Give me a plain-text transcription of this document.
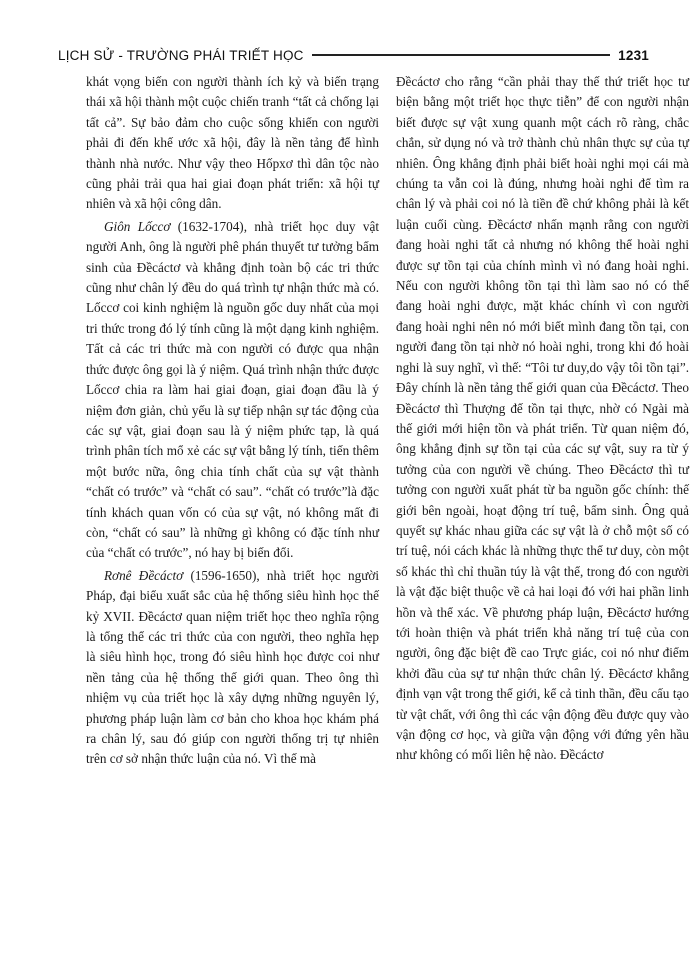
LỊCH SỬ - TRƯỜNG PHÁI TRIẾT HỌC	1231

khát vọng biến con người thành ích kỷ và biến trạng thái xã hội thành một cuộc chiến tranh “tất cả chống lại tất cả”. Sự bảo đảm cho cuộc sống khiến con người phải đi đến khế ước xã hội, đây là nền tảng để hình thành nhà nước. Như vậy theo Hốpxơ thì dân tộc nào cũng phải trải qua hai giai đoạn phát triển: xã hội tự nhiên và xã hội công dân.

Giôn Lốccơ (1632-1704), nhà triết học duy vật người Anh, ông là người phê phán thuyết tư tưởng bẩm sinh của Đềcáctơ và khẳng định toàn bộ các tri thức cũng như chân lý đều do quá trình tự nhận thức mà có. Lốccơ coi kinh nghiệm là nguồn gốc duy nhất của mọi tri thức trong đó lý tính cũng là một dạng kinh nghiệm. Tất cả các tri thức mà con người có được qua nhận thức được ông gọi là ý niệm. Quá trình nhận thức được Lốccơ chia ra làm hai giai đoạn, giai đoạn đầu là ý niệm đơn giản, chủ yếu là sự tiếp nhận sự tác động của các sự vật, giai đoạn sau là ý niệm phức tạp, là quá trình phân tích mổ xẻ các sự vật bằng lý tính, tiến thêm một bước nữa, ông chia tính chất của sự vật thành “chất có trước” và “chất có sau”. “chất có trước”là đặc tính khách quan vốn có của sự vật, nó không mất đi còn, “chất có sau” là những gì không có đặc tính như của “chất có trước”, nó hay bị biến đổi.

Rơnê Đềcáctơ (1596-1650), nhà triết học người Pháp, đại biểu xuất sắc của hệ thống siêu hình học thế kỷ XVII. Đềcáctơ quan niệm triết học theo nghĩa rộng là tổng thể các tri thức của con người, theo nghĩa hẹp là siêu hình học, trong đó siêu hình học được coi như nền tảng của hệ thống thế giới quan. Theo ông thì nhiệm vụ của triết học là xây dựng những nguyên lý, phương pháp luận làm cơ bản cho khoa học khám phá ra chân lý, sau đó giúp con người thống trị tự nhiên trên cơ sở nhận thức luận của nó. Vì thế mà

Đềcáctơ cho rằng “cần phải thay thế thứ triết học tư biện bằng một triết học thực tiễn” để con người nhận biết được sự vật xung quanh một cách rõ ràng, chắc chắn, sử dụng nó và trở thành chủ nhân thực sự của tự nhiên. Ông khẳng định phải biết hoài nghi mọi cái mà chúng ta vẫn coi là đúng, nhưng hoài nghi để tìm ra chân lý và phải coi nó là tiền đề chứ không phải là kết luận cuối cùng. Đềcáctơ nhấn mạnh rằng con người đang hoài nghi tất cả nhưng nó không thể hoài nghi được sự tồn tại của chính mình vì nó đang hoài nghi. Nếu con người không tồn tại thì làm sao nó có thể đang hoài nghi được, mặt khác chính vì con người đang hoài nghi nên nó mới biết mình đang tồn tại, con người đang tồn tại nhờ nó hoài nghi, trong khi đó hoài nghi là suy nghĩ, vì thế: “Tôi tư duy,do vậy tôi tồn tại”. Đây chính là nền tảng thế giới quan của Đềcáctơ. Theo Đềcáctơ thì Thượng đế tồn tại thực, nhờ có Ngài mà thế giới mới hiện tồn và phát triển. Từ quan niệm đó, ông khẳng định sự tồn tại của các sự vật, suy ra từ ý tưởng của con người về chúng. Theo Đềcáctơ thì tư tưởng con người xuất phát từ ba nguồn gốc chính: thế giới bên ngoài, hoạt động trí tuệ, bẩm sinh. Ông quả quyết sự khác nhau giữa các sự vật là ở chỗ một số có trí tuệ, nói cách khác là những thực thể tư duy, còn một số khác thì chỉ thuần túy là vật thể, trong đó con người là vật đặc biệt thuộc về cả hai loại đó với hai phần linh hồn và thể xác. Về phương pháp luận, Đềcáctơ hướng tới hoàn thiện và phát triển khả năng trí tuệ của con người, ông đặc biệt đề cao Trực giác, coi nó như điểm khởi đầu của sự tư nhận thức chân lý. Đềcáctơ khẳng định vạn vật trong thế giới, kể cả tinh thần, đều cấu tạo từ vật chất, với ông thì các vận động đều được quy vào vận động cơ học, và giữa vận động với đứng yên hầu như không có mối liên hệ nào. Đềcáctơ
